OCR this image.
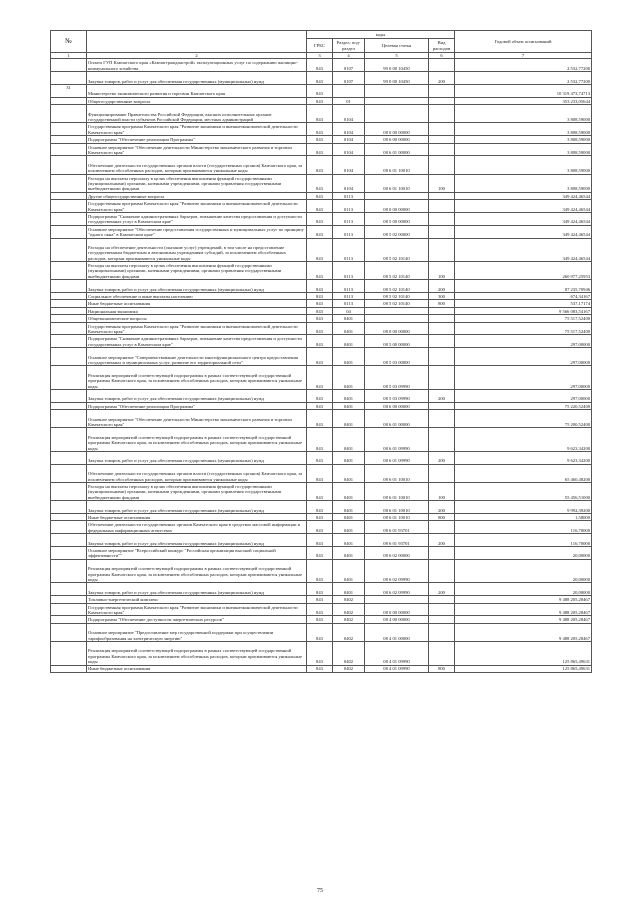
№		коды				Годовой объем ассигнований
		ГРБС	Раздел, под-раздел	Целевая статья	Вид расходов	
1	2	3	4	5	6	7
	Оплата ГУП Камчатского края «Камчатгражданстрой» эксплуатационных услуг по содержанию жилищно-коммунального хозяйства	843	0107	99 0 00 10450		2 532,77200
	Закупка товаров, работ и услуг для обеспечения государственных (муниципальных) нужд	843	0107	99 0 00 10450	200	2 532,77200
31	Министерство экономического развития и торговли Камчатского края	843				10 319 473,74713
	Общегосударственные вопросы	843	01			353 233,05644
	Функционирование Правительства Российской Федерации, высших исполнительных органов государственной власти субъектов Российской Федерации, местных администраций	843	0104			3 808,59000
	Государственная программа Камчатского края "Развитие экономики и внешнеэкономической деятельности Камчатского края"	843	0104	08 0 00 00000		3 808,59000
	Подпрограмма "Обеспечение реализации Программы"	843	0104	08 6 00 00000		3 808,59000
	Основное мероприятие "Обеспечение деятельности Министерства экономического развития и торговли Камчатского края"	843	0104	08 6 01 00000		3 808,59000
	Обеспечение деятельности государственных органов власти (государственных органов) Камчатского края, за исключением обособленных расходов, которым присваиваются уникальные коды	843	0104	08 6 01 10010		3 808,59000
	Расходы на выплаты персоналу в целях обеспечения выполнения функций государственными (муниципальными) органами, казенными учреждениями, органами управления государственными внебюджетными фондами	843	0104	08 6 01 10010	100	3 808,59000
	Другие общегосударственные вопросы	843	0113			349 424,46544
	Государственная программа Камчатского края "Развитие экономики и внешнеэкономической деятельности Камчатского края"	843	0113	08 0 00 00000		349 424,46544
	Подпрограмма "Снижение административных барьеров, повышение качества предоставления и доступности государственных услуг в Камчатском крае"	843	0113	08 5 00 00000		349 424,46544
	Основное мероприятие "Обеспечение предоставления государственных и муниципальных услуг по принципу "одного окна" в Камчатском крае"	843	0113	08 5 02 00000		349 424,46544
	Расходы на обеспечение деятельности (оказание услуг) учреждений, в том числе на предоставление государственным бюджетным и автономным учреждениям субсидий, за исключением обособленных расходов, которым присваиваются уникальные коды	843	0113	08 5 02 10140		349 424,46544
	Расходы на выплаты персоналу в целях обеспечения выполнения функций государственными (муниципальными) органами, казенными учреждениями, органами управления государственными внебюджетными фондами	843	0113	08 5 02 10140	100	260 977,25953
	Закупка товаров, работ и услуг для обеспечения государственных (муниципальных) нужд	843	0113	08 5 02 10140	200	87 235,70946
	Социальное обеспечение и иные выплаты населению	843	0113	08 5 02 10140	300	674,34167
	Иные бюджетные ассигнования	843	0113	08 5 02 10140	800	537,17174
	Национальная экономика	843	04			9 566 083,54167
	Общеэкономические вопросы	843	0401			75 517,52400
	Государственная программа Камчатского края "Развитие экономики и внешнеэкономической деятельности Камчатского края"	843	0401	08 0 00 00000		75 517,52400
	Подпрограмма "Снижение административных барьеров, повышение качества предоставления и доступности государственных услуг в Камчатском крае"	843	0401	08 5 00 00000		297,00000
	Основное мероприятие "Совершенствование деятельности многофункционального центра предоставления государственных и муниципальных услуг, развитие его территориальной сети"	843	0401	08 5 03 00000		297,00000
	Реализация мероприятий соответствующей подпрограммы в рамках соответствующей государственной программы Камчатского края, за исключением обособленных расходов, которым присваиваются уникальные коды	843	0401	08 5 03 09990		297,00000
	Закупка товаров, работ и услуг для обеспечения государственных (муниципальных) нужд	843	0401	08 5 03 09990	200	297,00000
	Подпрограмма "Обеспечение реализации Программы"	843	0401	08 6 00 00000		75 220,52400
	Основное мероприятие "Обеспечение деятельности Министерства экономического развития и торговли Камчатского края"	843	0401	08 6 01 00000		75 200,52400
	Реализация мероприятий соответствующей подпрограммы в рамках соответствующей государственной программы Камчатского края, за исключением обособленных расходов, которым присваиваются уникальные коды	843	0401	08 6 01 09990		9 623,34200
	Закупка товаров, работ и услуг для обеспечения государственных (муниципальных) нужд	843	0401	08 6 01 09990	200	9 623,34200
	Обеспечение деятельности государственных органов власти (государственных органов) Камчатского края, за исключением обособленных расходов, которым присваиваются уникальные коды	843	0401	08 6 01 10010		65 460,48200
	Расходы на выплаты персоналу в целях обеспечения выполнения функций государственными (муниципальными) органами, казенными учреждениями, органами управления государственными внебюджетными фондами	843	0401	08 6 01 10010	100	55 456,51000
	Закупка товаров, работ и услуг для обеспечения государственных (муниципальных) нужд	843	0401	08 6 01 10010	200	9 992,39200
	Иные бюджетные ассигнования	843	0401	08 6 01 10010	800	1,58000
	Обеспечение деятельности государственных органов Камчатского края в средствах массовой информации и федеральных информационных агентствах	843	0401	08 6 01 93701		116,70000
	Закупка товаров, работ и услуг для обеспечения государственных (муниципальных) нужд	843	0401	08 6 01 93701	200	116,70000
	Основное мероприятие "Всероссийский конкурс "Российская организация высокой социальной эффективности""	843	0401	08 6 02 00000		20,00000
	Реализация мероприятий соответствующей подпрограммы в рамках соответствующей государственной программы Камчатского края, за исключением обособленных расходов, которым присваиваются уникальные коды	843	0401	08 6 02 09990		20,00000
	Закупка товаров, работ и услуг для обеспечения государственных (муниципальных) нужд	843	0401	08 6 02 09990	200	20,00000
	Топливно-энергетический комплекс	843	0402			9 488 205,28467
	Государственная программа Камчатского края "Развитие экономики и внешнеэкономической деятельности Камчатского края"	843	0402	08 0 00 00000		9 488 205,28467
	Подпрограмма "Обеспечение доступности энергетических ресурсов"	843	0402	08 4 00 00000		9 488 205,28467
	Основное мероприятие "Предоставление мер государственной поддержки при осуществлении тарифообразования на электрическую энергию"	843	0402	08 4 01 00000		9 488 205,28467
	Реализация мероприятий соответствующей подпрограммы в рамках соответствующей государственной программы Камчатского края, за исключением обособленных расходов, которым присваиваются уникальные коды	843	0402	08 4 01 09990		125 865,49631
	Иные бюджетные ассигнования	843	0402	08 4 01 09990	800	125 865,49631
75
